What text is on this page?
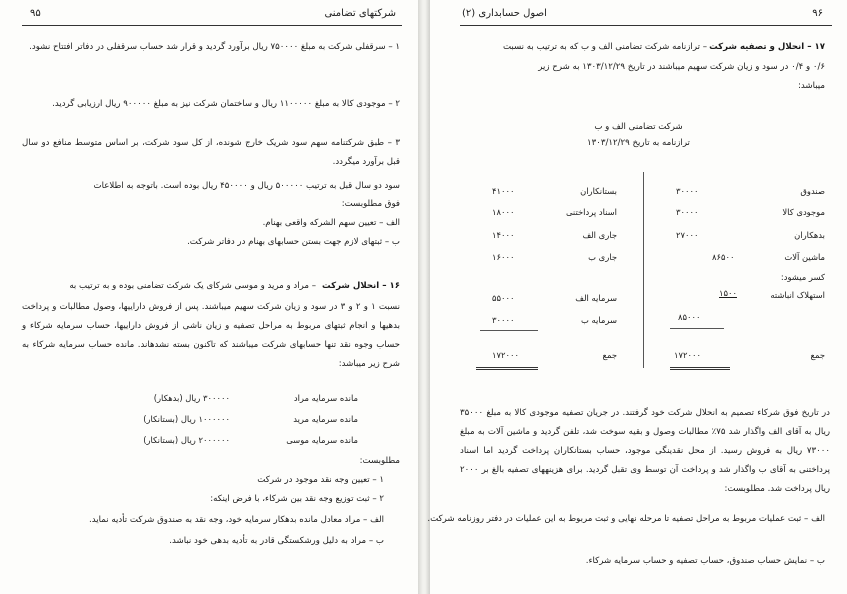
۹۵	شرکتهای تضامنی

۱ – سرقفلی شرکت به مبلغ ۷۵۰۰۰۰ ریال برآورد گردید و قرار شد حساب سرقفلی در دفاتر افتتاح نشود.

۲ – موجودی کالا به مبلغ ۱۱۰۰۰۰۰ ریال و ساختمان شرکت نیز به مبلغ ۹۰۰۰۰۰ ریال ارزیابی گردید.

۳ – طبق شرکتنامه سهم سود شریک خارج شونده، از کل سود شرکت، بر اساس متوسط منافع دو سال قبل برآورد میگردد.

سود دو سال قبل به ترتیب ۵۰۰۰۰۰ ریال و ۴۵۰۰۰۰ ریال بوده است. باتوجه به اطلاعات

فوق مطلوبست:

الف – تعیین سهم الشرکه واقعی بهنام.

ب – ثبتهای لازم جهت بستن حسابهای بهنام در دفاتر شرکت.

۱۶ – انحلال شرکت

– مراد و مرید و موسی شرکای یک شرکت تضامنی بوده و به ترتیب به

نسبت ۱ و ۲ و ۳ در سود و زیان شرکت سهیم میباشند. پس از فروش داراییها، وصول مطالبات و پرداخت بدهیها و انجام ثبتهای مربوط به مراحل تصفیه و زیان ناشی از فروش داراییها، حساب سرمایه شرکاء و حساب وجوه نقد تنها حسابهای شرکت میباشند که تاکنون بسته نشدهاند. مانده حساب سرمایه شرکاء به شرح زیر میباشد:

مانده سرمایه مراد
۳۰۰۰۰۰ ریال (بدهکار)
مانده سرمایه مرید
۱۰۰۰۰۰۰ ریال (بستانکار)
مانده سرمایه موسی
۲۰۰۰۰۰۰ ریال (بستانکار)

مطلوبست:

۱ – تعیین وجه نقد موجود در شرکت

۲ – ثبت توزیع وجه نقد بین شرکاء، با فرض اینکه:

الف – مراد معادل مانده بدهکار سرمایه خود، وجه نقد به صندوق شرکت تأدیه نماید.

ب – مراد به دلیل ورشکستگی قادر به تأدیه بدهی خود نباشد.

اصول حسابداری (۲)	۹۶

۱۷ – انحلال و تصفیه شرکت

– ترازنامه شرکت تضامنی الف و ب که به ترتیب به نسبت

۰/۶ و ۰/۴ در سود و زیان شرکت سهیم میباشند در تاریخ ۱۳۰۳/۱۲/۲۹ به شرح زیر

میباشد:

شرکت تضامنی الف و ب

ترازنامه به تاریخ ۱۳۰۳/۱۲/۲۹

صندوق
۳۰۰۰۰
موجودی کالا
۳۰۰۰۰
بدهکاران
۲۷۰۰۰
ماشین آلات
۸۶۵۰۰
کسر میشود:
استهلاک انباشته
۱۵۰۰
۸۵۰۰۰
بستانکاران
۴۱۰۰۰
اسناد پرداختنی
۱۸۰۰۰
جاری الف
۱۴۰۰۰
جاری ب
۱۶۰۰۰
سرمایه الف
۵۵۰۰۰
سرمایه ب
۳۰۰۰۰
جمع
۱۷۲۰۰۰
جمع
۱۷۲۰۰۰

در تاریخ فوق شرکاء تصمیم به انحلال شرکت خود گرفتند. در جریان تصفیه موجودی کالا به مبلغ ۳۵۰۰۰ ریال به آقای الف واگذار شد ۷۵٪ مطالبات وصول و بقیه سوخت شد، تلفن گردید و ماشین آلات به مبلغ ۷۳۰۰۰ ریال به فروش رسید. از محل نقدینگی موجود، حساب بستانکاران پرداخت گردید اما اسناد پرداختنی به آقای ب واگذار شد و پرداخت آن توسط وی تقبل گردید. برای هزینههای تصفیه بالغ بر ۲۰۰۰ ریال پرداخت شد. مطلوبست:

الف – ثبت عملیات مربوط به مراحل تصفیه تا مرحله نهایی و ثبت مربوط به این عملیات در دفتر روزنامه شرکت.

ب – نمایش حساب صندوق، حساب تصفیه و حساب سرمایه شرکاء.
